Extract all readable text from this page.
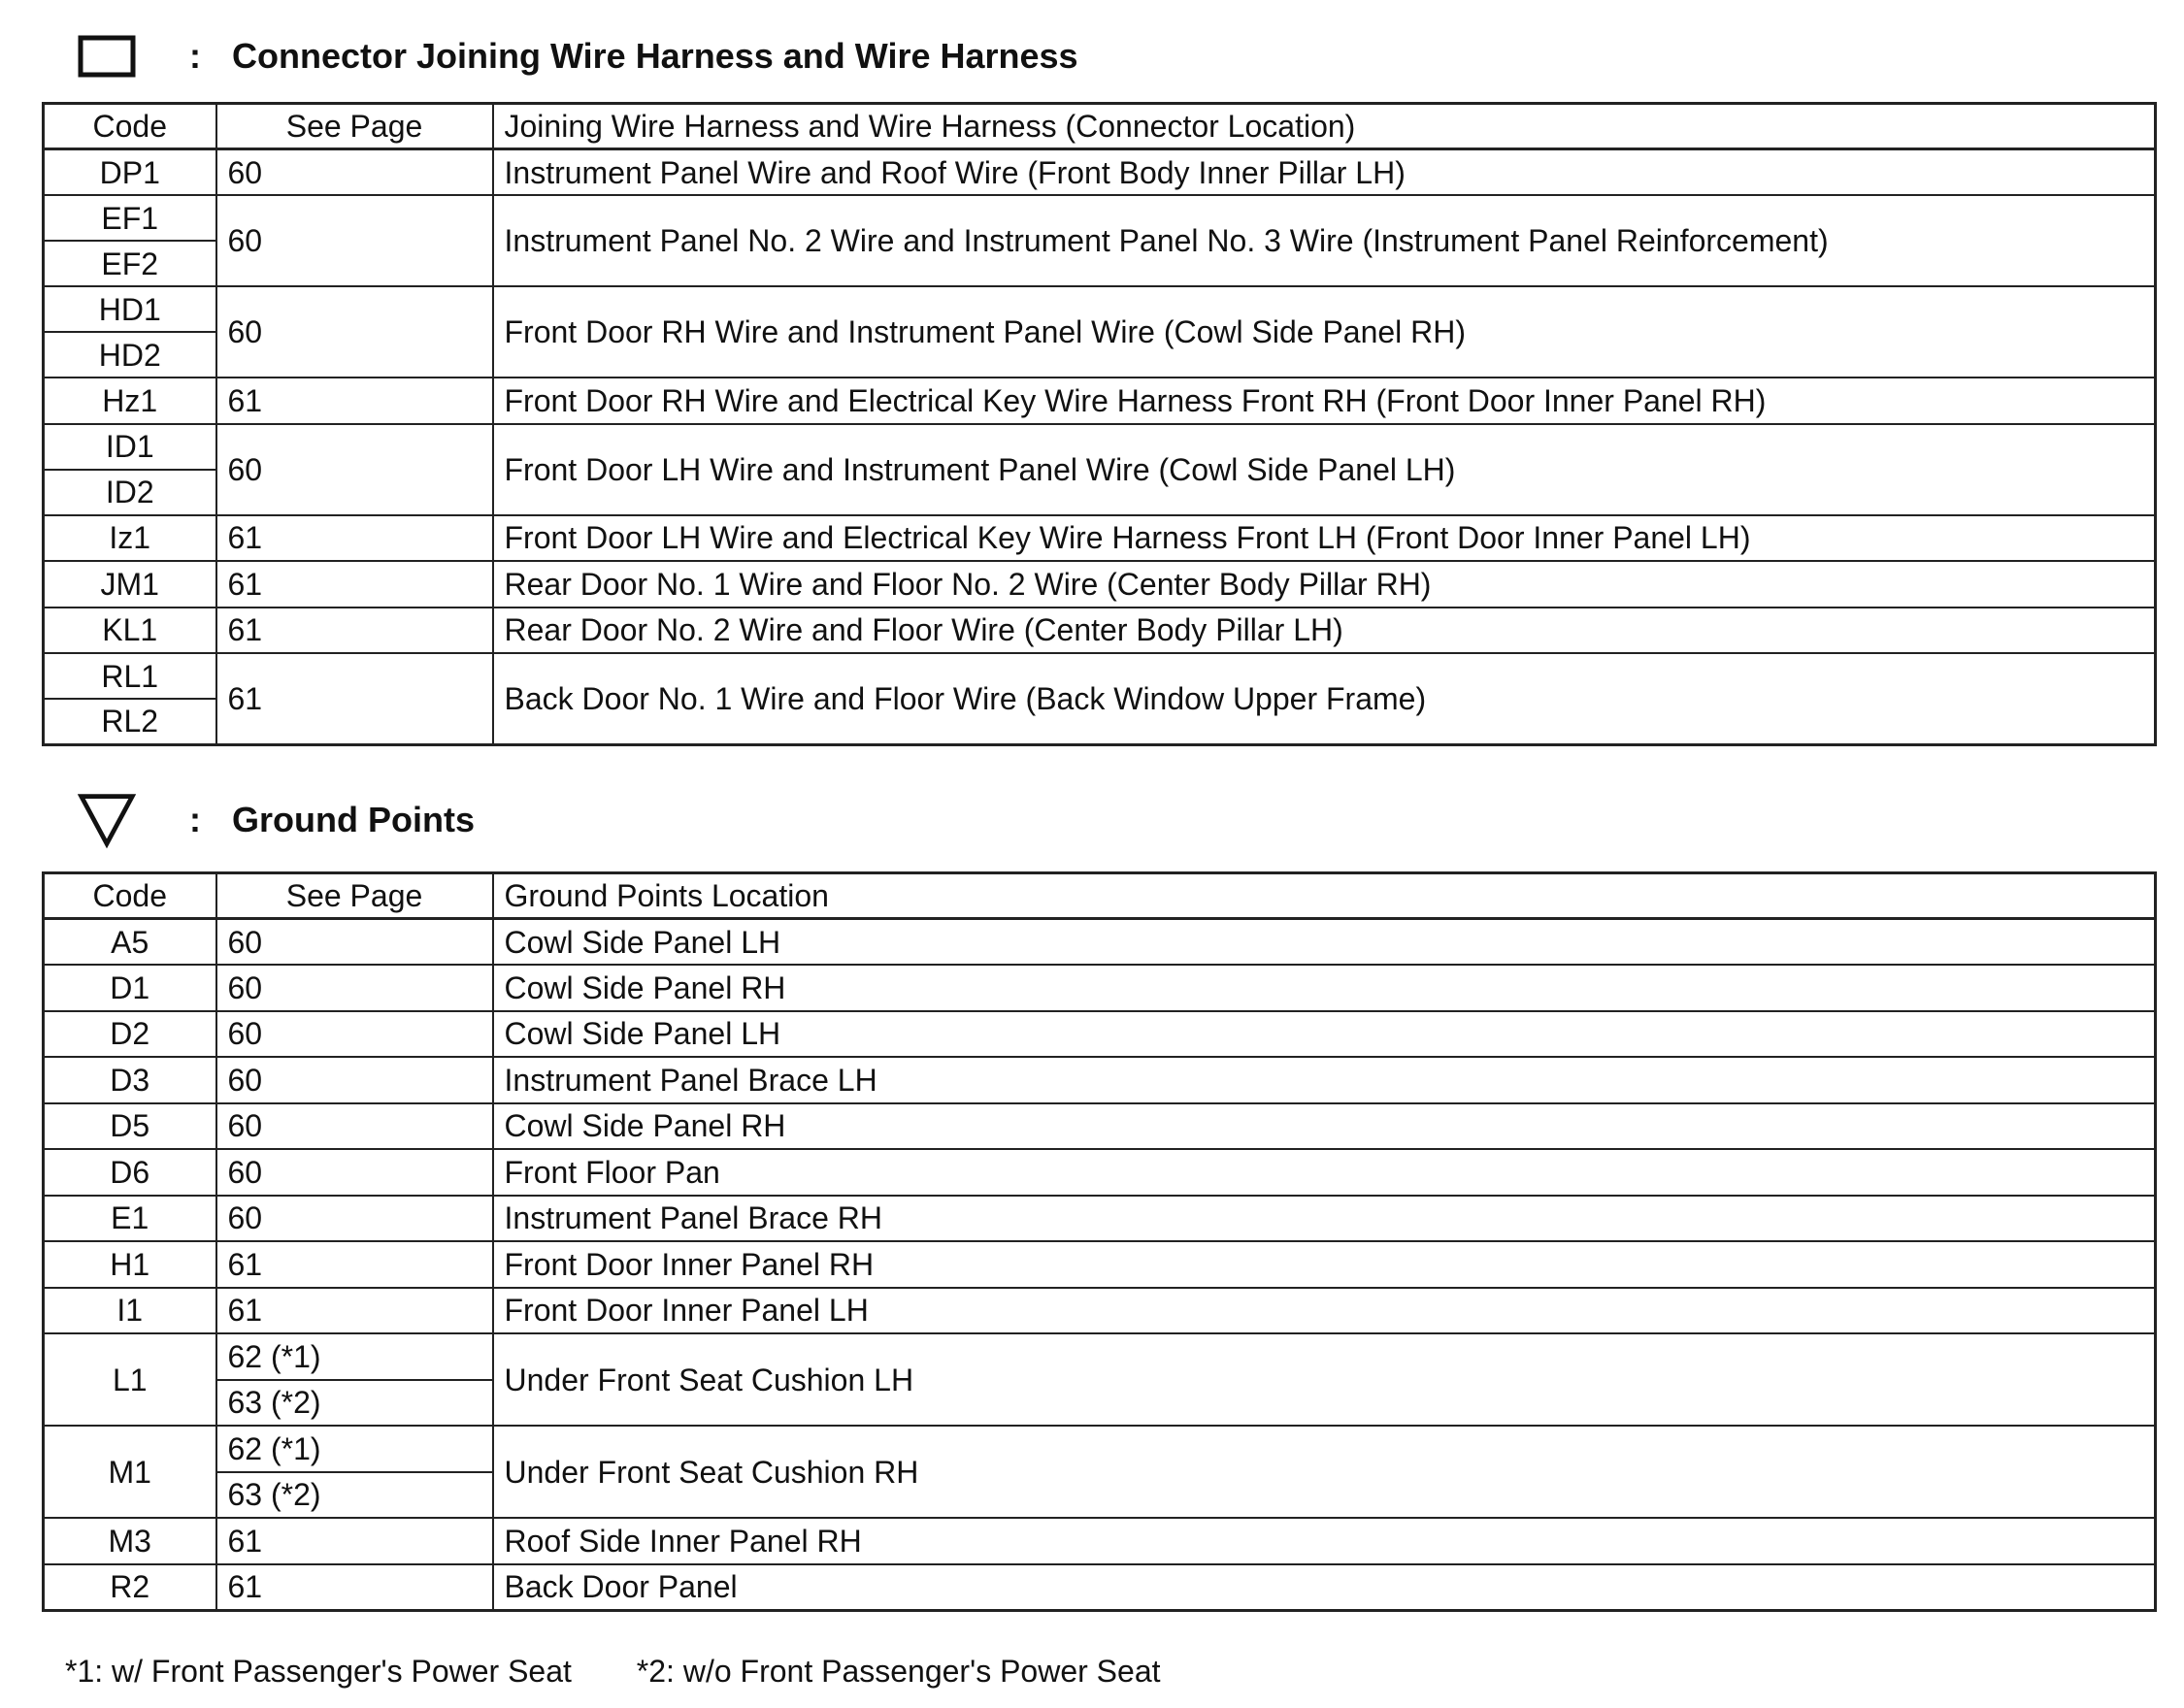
: Connector Joining Wire Harness and Wire Harness
Code	See Page	Joining Wire Harness and Wire Harness (Connector Location)
DP1	60	Instrument Panel Wire and Roof Wire (Front Body Inner Pillar LH)
EF1	60	Instrument Panel No. 2 Wire and Instrument Panel No. 3 Wire (Instrument Panel Reinforcement)
EF2		
HD1	60	Front Door RH Wire and Instrument Panel Wire (Cowl Side Panel RH)
HD2		
Hz1	61	Front Door RH Wire and Electrical Key Wire Harness Front RH (Front Door Inner Panel RH)
ID1	60	Front Door LH Wire and Instrument Panel Wire (Cowl Side Panel LH)
ID2		
Iz1	61	Front Door LH Wire and Electrical Key Wire Harness Front LH (Front Door Inner Panel LH)
JM1	61	Rear Door No. 1 Wire and Floor No. 2 Wire (Center Body Pillar RH)
KL1	61	Rear Door No. 2 Wire and Floor Wire (Center Body Pillar LH)
RL1	61	Back Door No. 1 Wire and Floor Wire (Back Window Upper Frame)
RL2		
: Ground Points
Code	See Page	Ground Points Location
A5	60	Cowl Side Panel LH
D1	60	Cowl Side Panel RH
D2	60	Cowl Side Panel LH
D3	60	Instrument Panel Brace LH
D5	60	Cowl Side Panel RH
D6	60	Front Floor Pan
E1	60	Instrument Panel Brace RH
H1	61	Front Door Inner Panel RH
I1	61	Front Door Inner Panel LH
L1	62 (*1)	Under Front Seat Cushion LH
	63 (*2)	
M1	62 (*1)	Under Front Seat Cushion RH
	63 (*2)	
M3	61	Roof Side Inner Panel RH
R2	61	Back Door Panel
*1: w/ Front Passenger's Power Seat *2: w/o Front Passenger's Power Seat
